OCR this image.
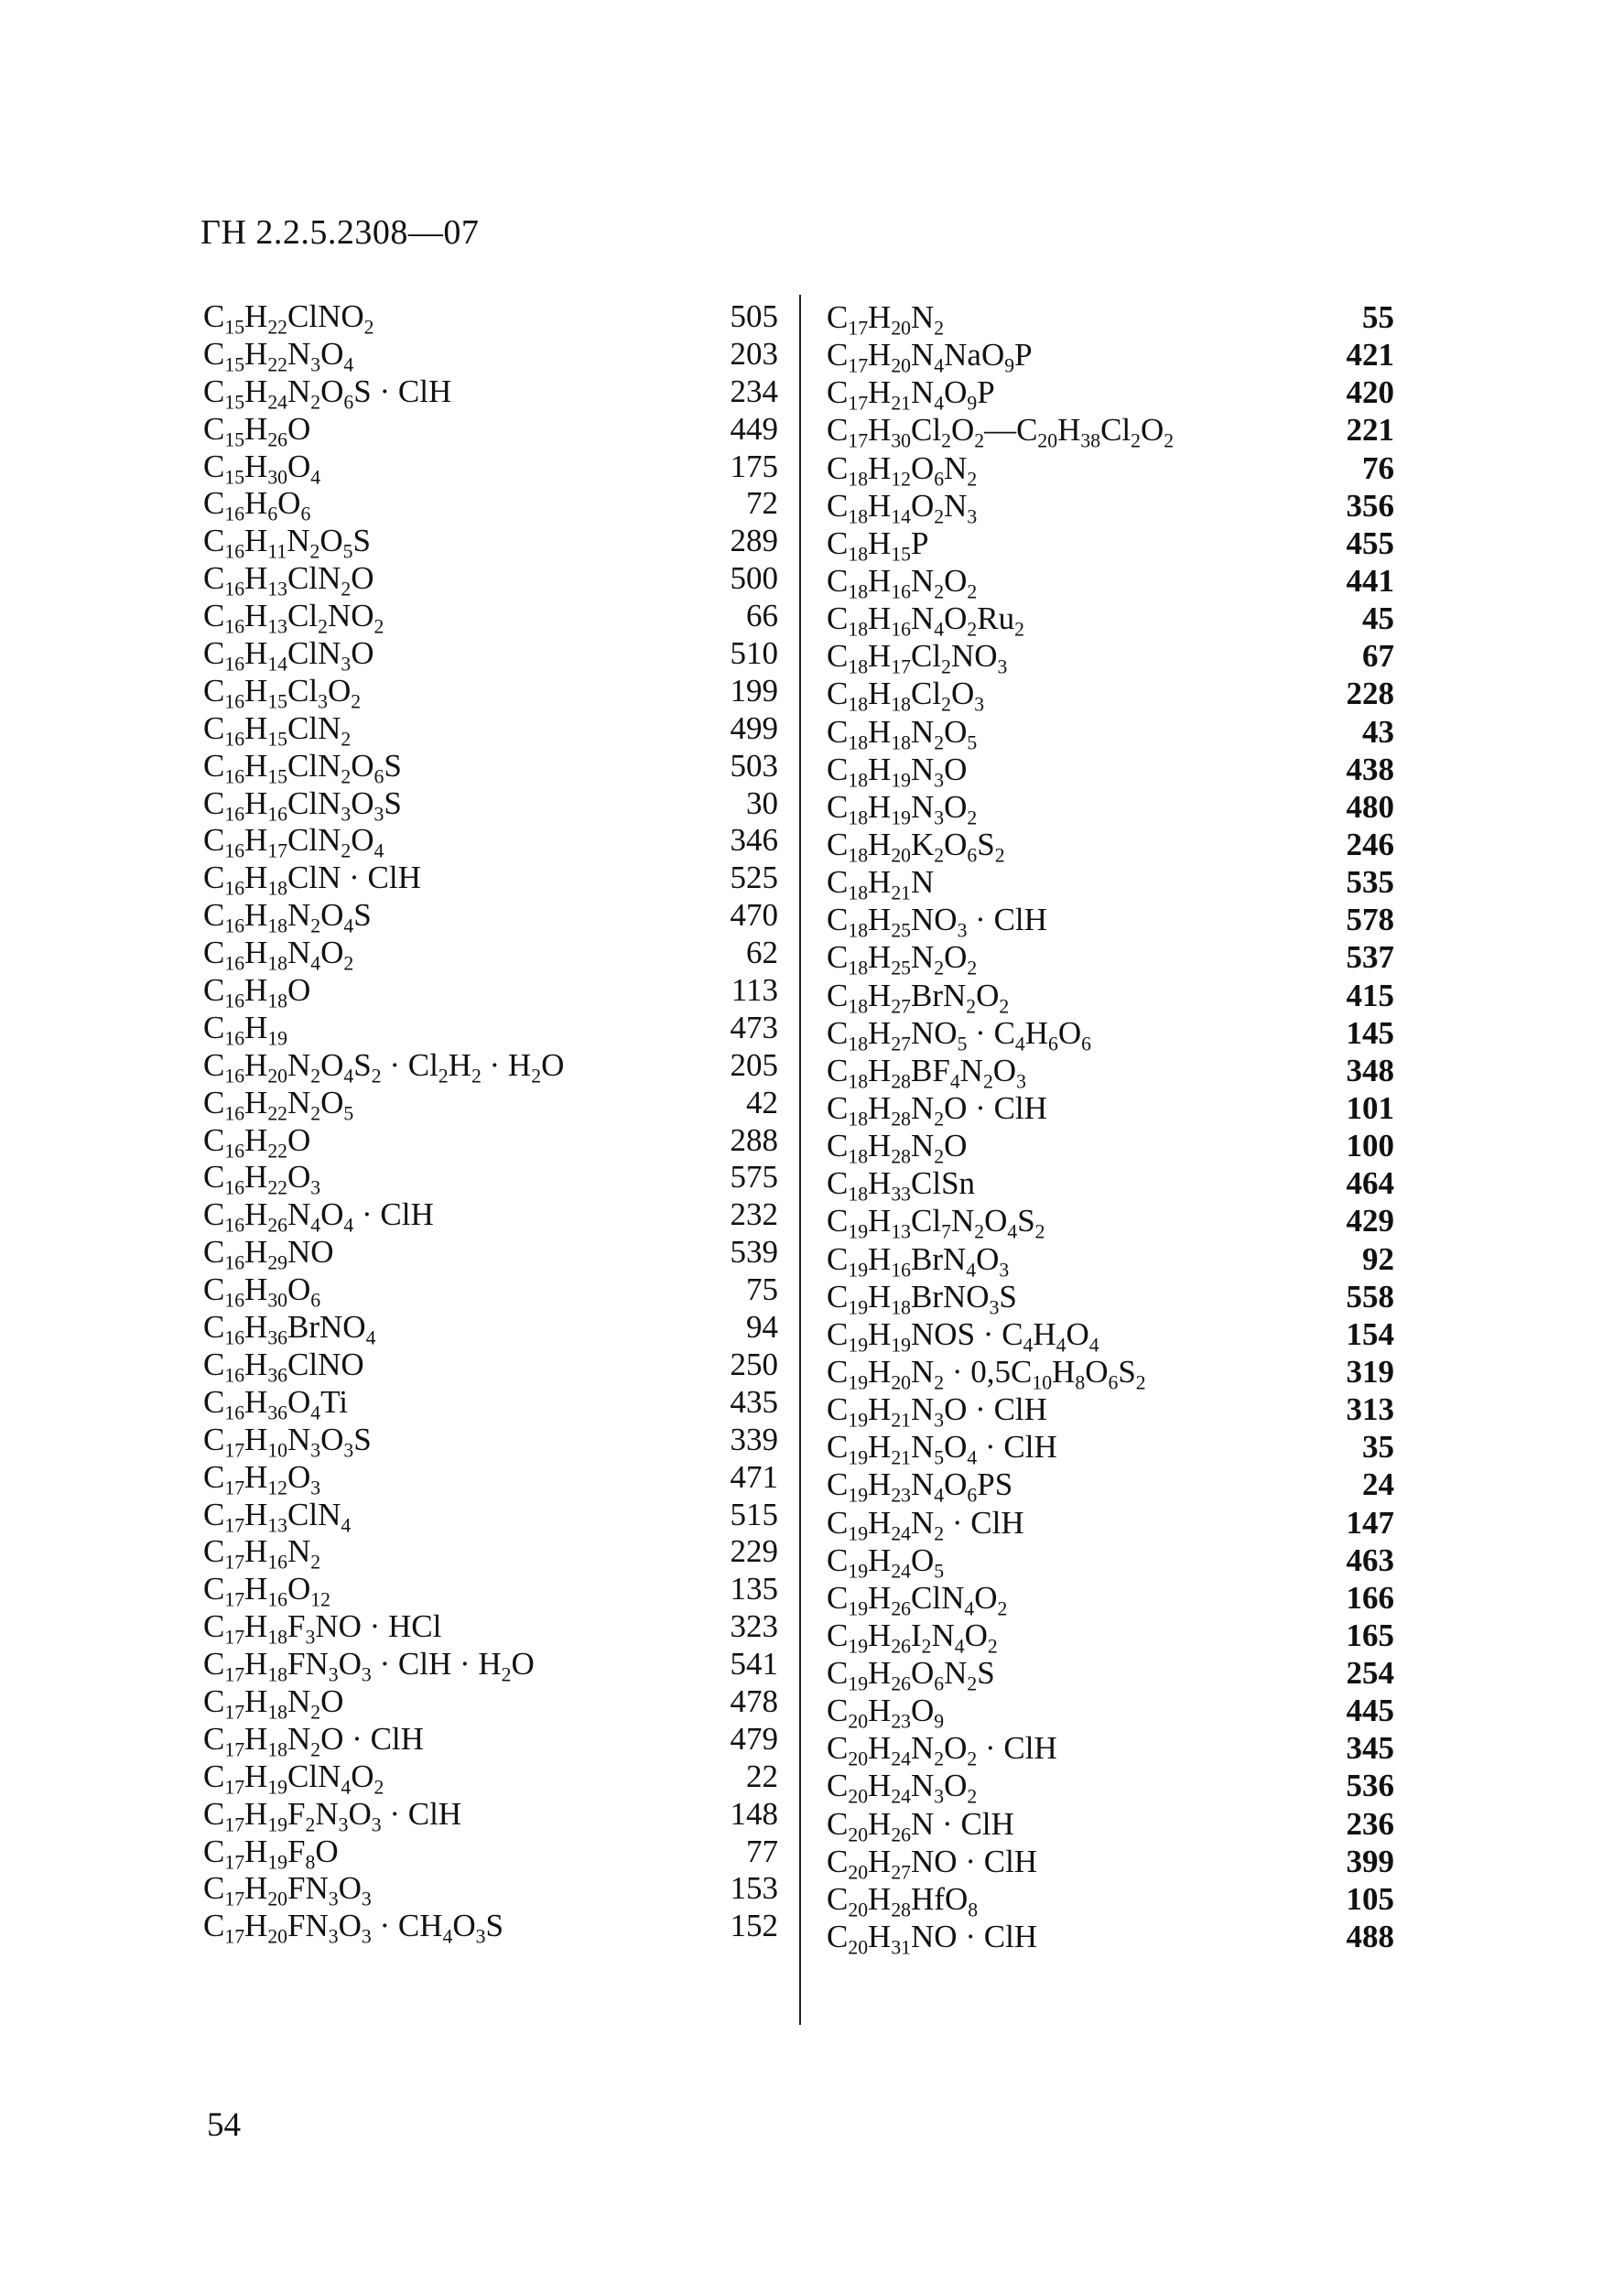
ГН 2.2.5.2308—07
$C_{15}H_{22}ClNO_2$	505
$C_{15}H_{22}N_3O_4$	203
$C_{15}H_{24}N_2O_6S$ · ClH	234
$C_{15}H_{26}O$	449
$C_{15}H_{30}O_4$	175
$C_{16}H_6O_6$	72
$C_{16}H_{11}N_2O_5S$	289
$C_{16}H_{13}ClN_2O$	500
$C_{16}H_{13}Cl_2NO_2$	66
$C_{16}H_{14}ClN_3O$	510
$C_{16}H_{15}Cl_3O_2$	199
$C_{16}H_{15}ClN_2$	499
$C_{16}H_{15}ClN_2O_6S$	503
$C_{16}H_{16}ClN_3O_3S$	30
$C_{16}H_{17}ClN_2O_4$	346
$C_{16}H_{18}ClN$ · ClH	525
$C_{16}H_{18}N_2O_4S$	470
$C_{16}H_{18}N_4O_2$	62
$C_{16}H_{18}O$	113
$C_{16}H_{19}$	473
$C_{16}H_{20}N_2O_4S_2 \cdot Cl_2H_2 \cdot H_2O$	205
$C_{16}H_{22}N_2O_5$	42
$C_{16}H_{22}O$	288
$C_{16}H_{22}O_3$	575
$C_{16}H_{26}N_4O_4$ · ClH	232
$C_{16}H_{29}NO$	539
$C_{16}H_{30}O_6$	75
$C_{16}H_{36}BrNO_4$	94
$C_{16}H_{36}ClNO$	250
$C_{16}H_{36}O_4Ti$	435
$C_{17}H_{10}N_3O_3S$	339
$C_{17}H_{12}O_3$	471
$C_{17}H_{13}ClN_4$	515
$C_{17}H_{16}N_2$	229
$C_{17}H_{16}O_{12}$	135
$C_{17}H_{18}F_3NO$ · HCl	323
$C_{17}H_{18}FN_3O_3$ · ClH · $H_2O$	541
$C_{17}H_{18}N_2O$	478
$C_{17}H_{18}N_2O$ · ClH	479
$C_{17}H_{19}ClN_4O_2$	22
$C_{17}H_{19}F_2N_3O_3$ · ClH	148
$C_{17}H_{19}F_8O$	77
$C_{17}H_{20}FN_3O_3$	153
$C_{17}H_{20}FN_3O_3 \cdot CH_4O_3S$	152
$C_{17}H_{20}N_2$	55
$C_{17}H_{20}N_4NaO_9P$	421
$C_{17}H_{21}N_4O_9P$	420
$C_{17}H_{30}Cl_2O_2—C_{20}H_{38}Cl_2O_2$	221
$C_{18}H_{12}O_6N_2$	76
$C_{18}H_{14}O_2N_3$	356
$C_{18}H_{15}P$	455
$C_{18}H_{16}N_2O_2$	441
$C_{18}H_{16}N_4O_2Ru_2$	45
$C_{18}H_{17}Cl_2NO_3$	67
$C_{18}H_{18}Cl_2O_3$	228
$C_{18}H_{18}N_2O_5$	43
$C_{18}H_{19}N_3O$	438
$C_{18}H_{19}N_3O_2$	480
$C_{18}H_{20}K_2O_6S_2$	246
$C_{18}H_{21}N$	535
$C_{18}H_{25}NO_3$ · ClH	578
$C_{18}H_{25}N_2O_2$	537
$C_{18}H_{27}BrN_2O_2$	415
$C_{18}H_{27}NO_5 \cdot C_4H_6O_6$	145
$C_{18}H_{28}BF_4N_2O_3$	348
$C_{18}H_{28}N_2O$ · ClH	101
$C_{18}H_{28}N_2O$	100
$C_{18}H_{33}ClSn$	464
$C_{19}H_{13}Cl_7N_2O_4S_2$	429
$C_{19}H_{16}BrN_4O_3$	92
$C_{19}H_{18}BrNO_3S$	558
$C_{19}H_{19}NOS \cdot C_4H_4O_4$	154
$C_{19}H_{20}N_2 \cdot 0,5C_{10}H_8O_6S_2$	319
$C_{19}H_{21}N_3O$ · ClH	313
$C_{19}H_{21}N_5O_4$ · ClH	35
$C_{19}H_{23}N_4O_6PS$	24
$C_{19}H_{24}N_2$ · ClH	147
$C_{19}H_{24}O_5$	463
$C_{19}H_{26}ClN_4O_2$	166
$C_{19}H_{26}I_2N_4O_2$	165
$C_{19}H_{26}O_6N_2S$	254
$C_{20}H_{23}O_9$	445
$C_{20}H_{24}N_2O_2$ · ClH	345
$C_{20}H_{24}N_3O_2$	536
$C_{20}H_{26}N$ · ClH	236
$C_{20}H_{27}NO$ · ClH	399
$C_{20}H_{28}HfO_8$	105
$C_{20}H_{31}NO$ · ClH	488
54
